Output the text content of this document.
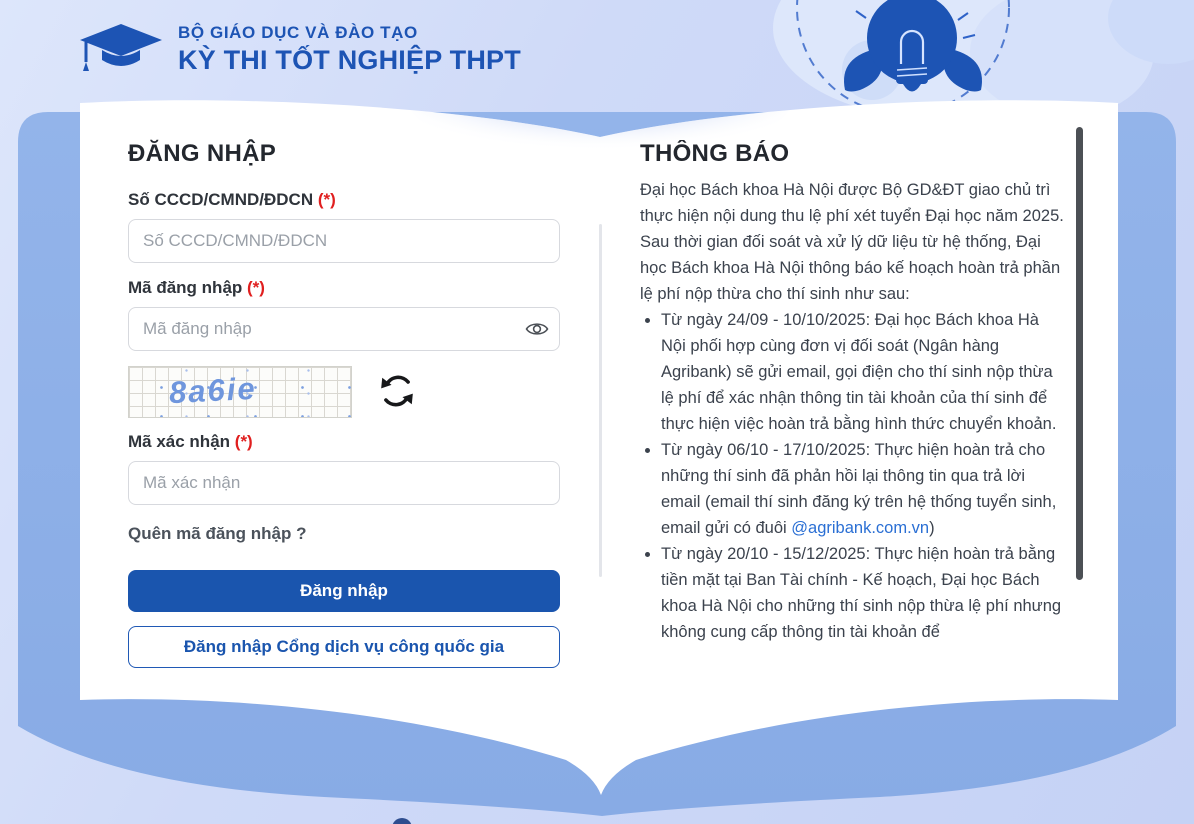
BỘ GIÁO DỤC VÀ ĐÀO TẠO
KỲ THI TỐT NGHIỆP THPT
ĐĂNG NHẬP
Số CCCD/CMND/ĐDCN (*)
Số CCCD/CMND/ĐDCN
Mã đăng nhập (*)
Mã đăng nhập
8a6ie
Mã xác nhận (*)
Mã xác nhận
Quên mã đăng nhập ?
Đăng nhập
Đăng nhập Cổng dịch vụ công quốc gia
THÔNG BÁO

Đại học Bách khoa Hà Nội được Bộ GD&ĐT giao chủ trì thực hiện nội dung thu lệ phí xét tuyển Đại học năm 2025. Sau thời gian đối soát và xử lý dữ liệu từ hệ thống, Đại học Bách khoa Hà Nội thông báo kế hoạch hoàn trả phần lệ phí nộp thừa cho thí sinh như sau:

• Từ ngày 24/09 - 10/10/2025: Đại học Bách khoa Hà Nội phối hợp cùng đơn vị đối soát (Ngân hàng Agribank) sẽ gửi email, gọi điện cho thí sinh nộp thừa lệ phí để xác nhận thông tin tài khoản của thí sinh để thực hiện việc hoàn trả bằng hình thức chuyển khoản.
• Từ ngày 06/10 - 17/10/2025: Thực hiện hoàn trả cho những thí sinh đã phản hồi lại thông tin qua trả lời email (email thí sinh đăng ký trên hệ thống tuyển sinh, email gửi có đuôi @agribank.com.vn)
• Từ ngày 20/10 - 15/12/2025: Thực hiện hoàn trả bằng tiền mặt tại Ban Tài chính - Kế hoạch, Đại học Bách khoa Hà Nội cho những thí sinh nộp thừa lệ phí nhưng không cung cấp thông tin tài khoản để
